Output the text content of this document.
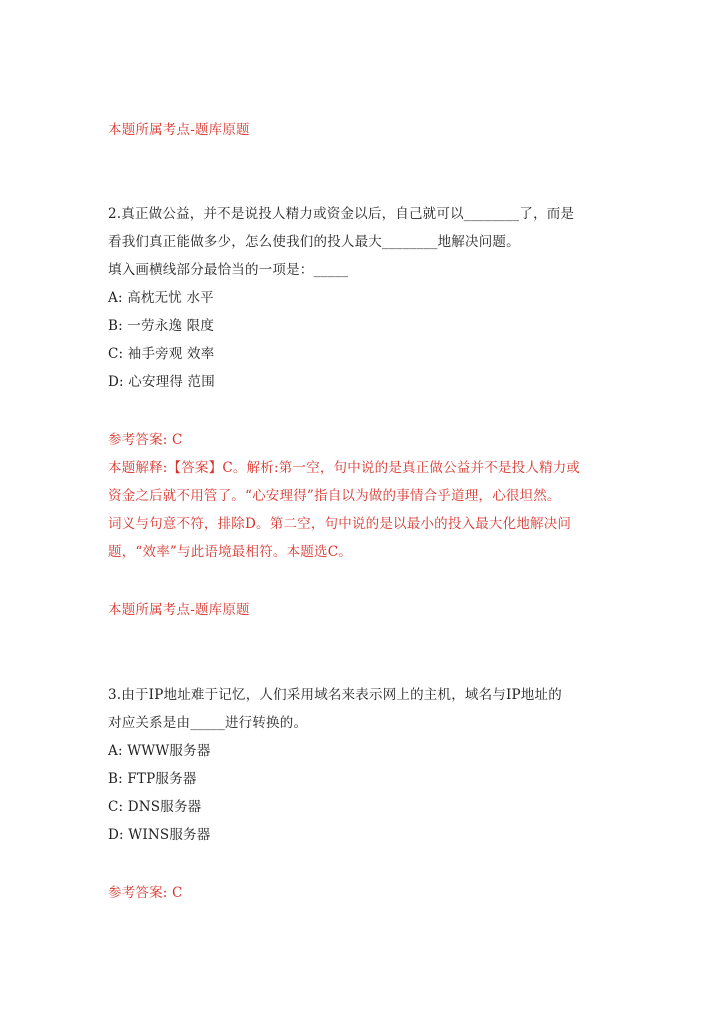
本题所属考点-题库原题
2.真正做公益，并不是说投人精力或资金以后，自己就可以________了，而是
看我们真正能做多少，怎么使我们的投人最大________地解决问题。
填入画横线部分最恰当的一项是：_____
A: 高枕无忧 水平
B: 一劳永逸 限度
C: 袖手旁观 效率
D: 心安理得 范围
参考答案: C
本题解释:【答案】C。解析:第一空，句中说的是真正做公益并不是投人精力或
资金之后就不用管了。“心安理得”指自以为做的事情合乎道理，心很坦然。
词义与句意不符，排除D。第二空，句中说的是以最小的投入最大化地解决问
题，“效率”与此语境最相符。本题选C。
本题所属考点-题库原题
3.由于IP地址难于记忆，人们采用域名来表示网上的主机，域名与IP地址的
对应关系是由_____进行转换的。
A: WWW服务器
B: FTP服务器
C: DNS服务器
D: WINS服务器
参考答案: C
